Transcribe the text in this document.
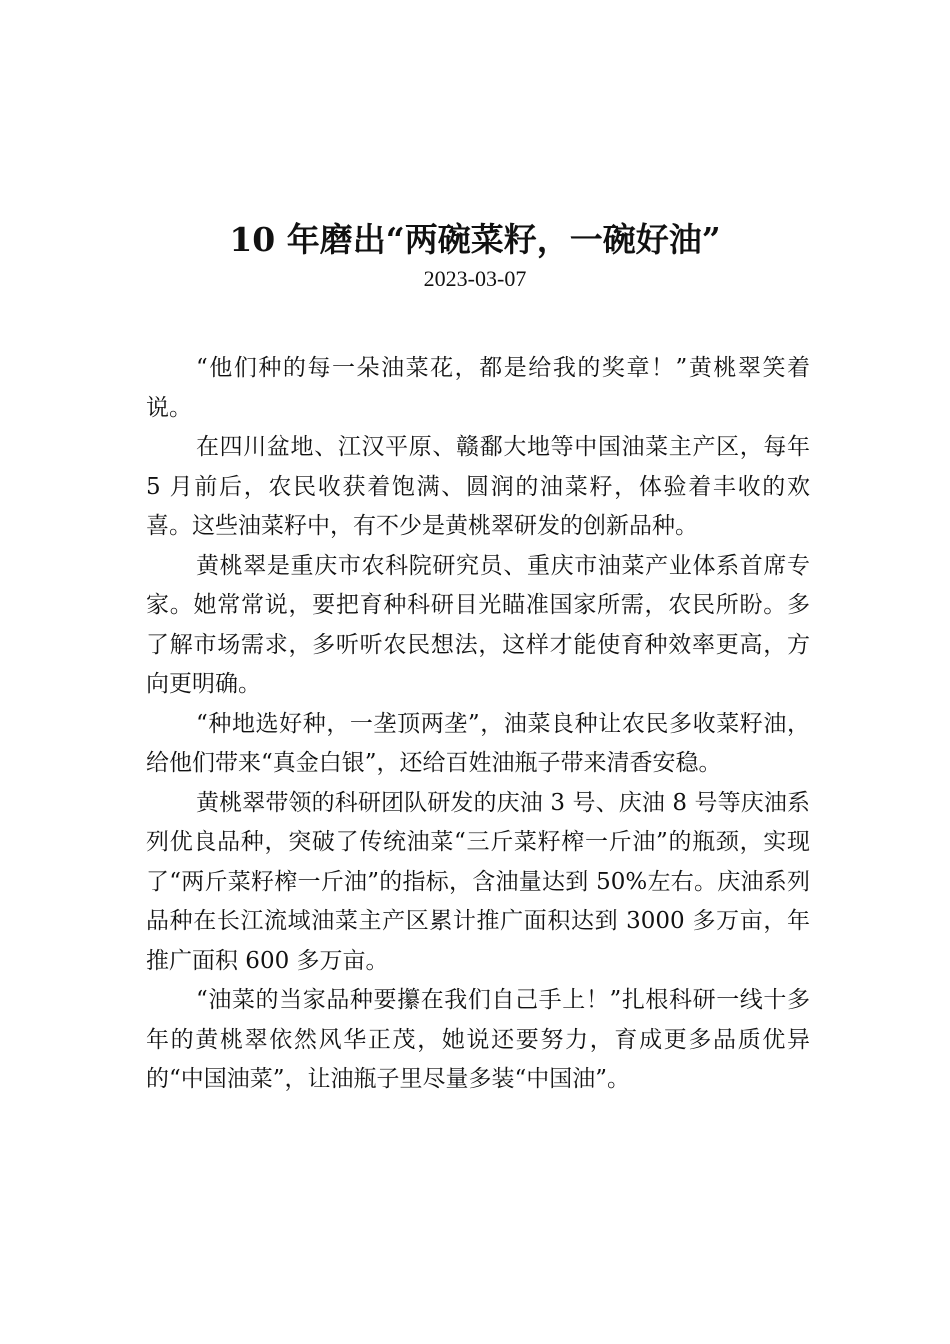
10 年磨出“两碗菜籽，一碗好油”
2023-03-07

“他们种的每一朵油菜花，都是给我的奖章！”黄桃翠笑着说。

在四川盆地、江汉平原、赣鄱大地等中国油菜主产区，每年 5 月前后，农民收获着饱满、圆润的油菜籽，体验着丰收的欢喜。这些油菜籽中，有不少是黄桃翠研发的创新品种。

黄桃翠是重庆市农科院研究员、重庆市油菜产业体系首席专家。她常常说，要把育种科研目光瞄准国家所需，农民所盼。多了解市场需求，多听听农民想法，这样才能使育种效率更高，方向更明确。

“种地选好种，一垄顶两垄”，油菜良种让农民多收菜籽油，给他们带来“真金白银”，还给百姓油瓶子带来清香安稳。

黄桃翠带领的科研团队研发的庆油 3 号、庆油 8 号等庆油系列优良品种，突破了传统油菜“三斤菜籽榨一斤油”的瓶颈，实现了“两斤菜籽榨一斤油”的指标，含油量达到 50%左右。庆油系列品种在长江流域油菜主产区累计推广面积达到 3000 多万亩，年推广面积 600 多万亩。

“油菜的当家品种要攥在我们自己手上！”扎根科研一线十多年的黄桃翠依然风华正茂，她说还要努力，育成更多品质优异的“中国油菜”，让油瓶子里尽量多装“中国油”。
